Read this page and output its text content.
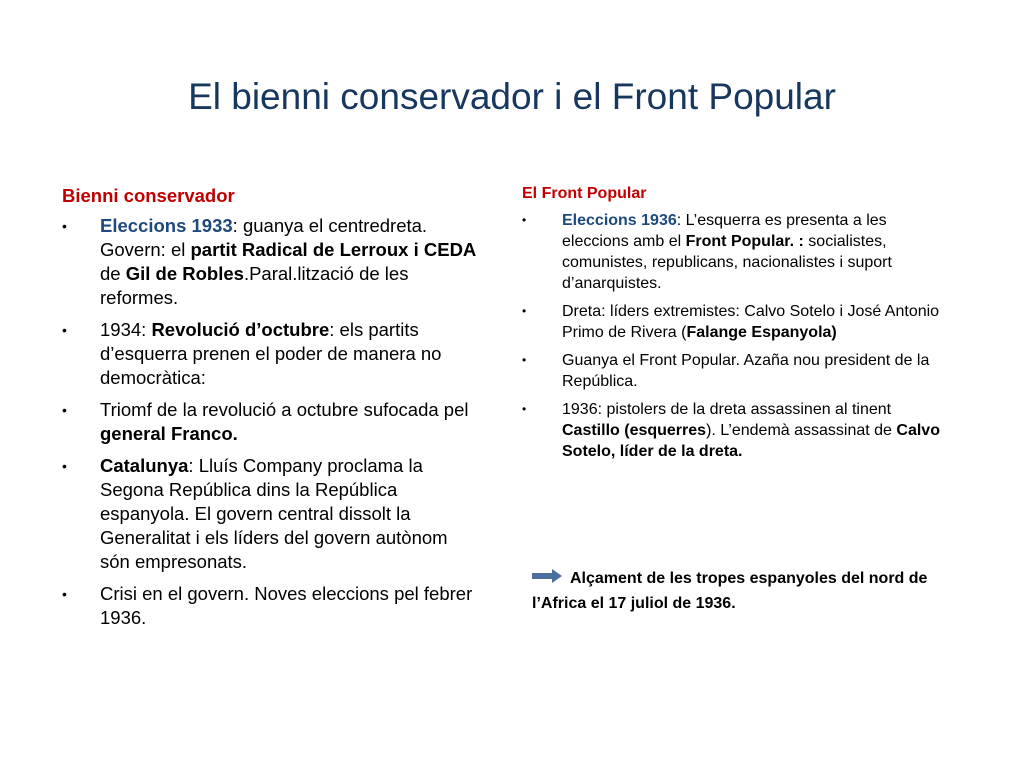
El bienni conservador i el Front Popular
Bienni conservador
• Eleccions 1933: guanya el centredreta. Govern: el partit Radical de Lerroux i CEDA de Gil de Robles.Paral.lització de les reformes.
• 1934: Revolució d’octubre: els partits d’esquerra prenen el poder de manera no democràtica:
• Triomf de la revolució a octubre sufocada pel general Franco.
• Catalunya: Lluís Company proclama la Segona República dins la República espanyola. El govern central dissolt la Generalitat i els líders del govern autònom són empresonats.
• Crisi en el govern. Noves eleccions pel febrer 1936.
El Front Popular
• Eleccions 1936: L’esquerra es presenta a les eleccions amb el Front Popular. : socialistes, comunistes, republicans, nacionalistes i suport d’anarquistes.
• Dreta: líders extremistes: Calvo Sotelo i José Antonio Primo de Rivera (Falange Espanyola)
• Guanya el Front Popular. Azaña nou president de la República.
• 1936: pistolers de la dreta assassinen al tinent Castillo (esquerres). L’endemà assassinat de Calvo Sotelo, líder de la dreta.
Alçament de les tropes espanyoles del nord de l’Africa el 17 juliol de 1936.
